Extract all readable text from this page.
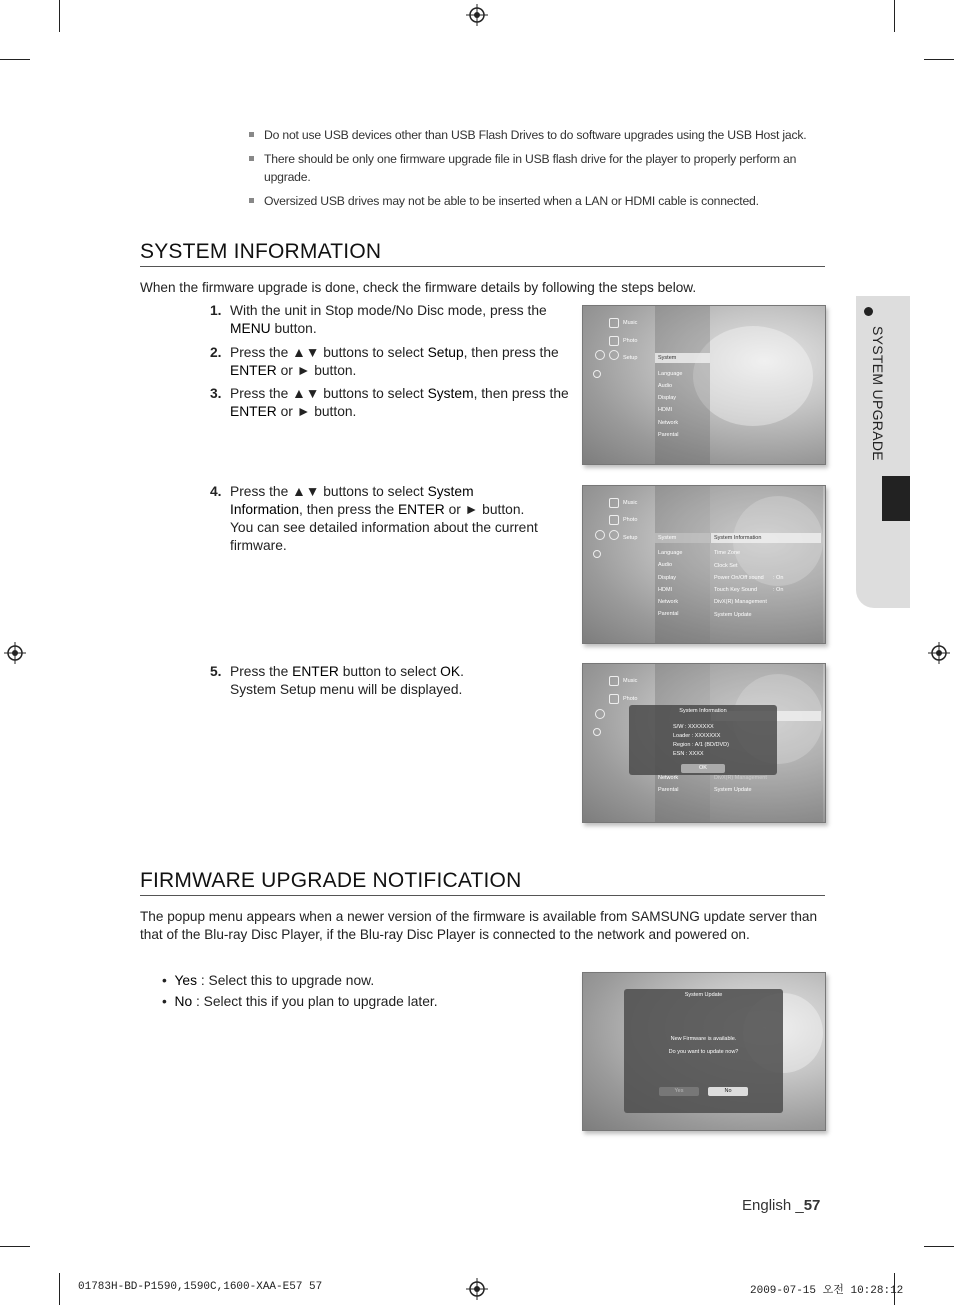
Do not use USB devices other than USB Flash Drives to do software upgrades using the USB Host jack.
There should be only one firmware upgrade file in USB flash drive for the player to properly perform an upgrade.
Oversized USB drives may not be able to be inserted when a LAN or HDMI cable is connected.
SYSTEM INFORMATION
When the firmware upgrade is done, check the firmware details by following the steps below.
1. With the unit in Stop mode/No Disc mode, press the MENU button.
2. Press the ▲▼ buttons to select Setup, then press the ENTER or ► button.
3. Press the ▲▼ buttons to select System, then press the ENTER or ► button.
4. Press the ▲▼ buttons to select System Information, then press the ENTER or ► button.
You can see detailed information about the current firmware.
5. Press the ENTER button to select OK.
System Setup menu will be displayed.
Music
Photo
Setup	System
Language
Audio
Display
HDMI
Network
Parental
Music
Photo
Setup	System
Language
Audio
Display
HDMI
Network
Parental
System Information
Time Zone
Clock Set
Power On/Off sound : On
Touch Key Sound	: On
DivX(R) Management
System Update
Music
Photo
Network
Parental
DivX(R) Management
System Update
System Information
S/W : XXXXXXX
Loader : XXXXXXX
Region : A/1 (BD/DVD)
ESN : XXXX
OK
FIRMWARE UPGRADE NOTIFICATION
The popup menu appears when a newer version of the firmware is available from SAMSUNG update server than that of the Blu-ray Disc Player, if the Blu-ray Disc Player is connected to the network and powered on.
•  Yes : Select this to upgrade now.
•  No : Select this if you plan to upgrade later.	System Update
New Firmware is available.
Do you want to update now?
Yes	No
SYSTEM UPGRADE
English _57
01783H-BD-P1590,1590C,1600-XAA-E57 57	2009-07-15 오전 10:28:12
